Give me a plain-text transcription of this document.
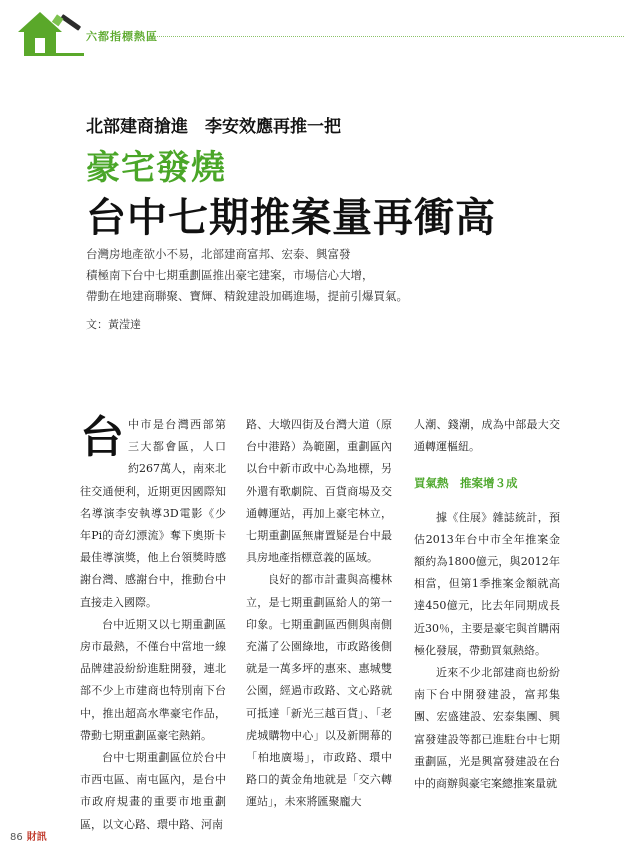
六都指標熱區
北部建商搶進　李安效應再推一把
豪宅發燒
台中七期推案量再衝高

台灣房地產欲小不易，北部建商富邦、宏泰、興富發

積極南下台中七期重劃區推出豪宅建案，市場信心大增，

帶動在地建商聯聚、寶輝、精銳建設加碼進場，提前引爆買氣。

文：黃滢達
台 中市是台灣西部第三大都會區，人口約267萬人，南來北往交通便利，近期更因國際知名導演李安執導3D電影《少年Pi的奇幻漂流》奪下奧斯卡最佳導演獎，他上台領獎時感謝台灣、感謝台中，推動台中直接走入國際。

台中近期又以七期重劃區房市最熱，不僅台中當地一線品牌建設紛紛進駐開發，連北部不少上市建商也特別南下台中，推出超高水準豪宅作品，帶動七期重劃區豪宅熱銷。

台中七期重劃區位於台中市西屯區、南屯區內，是台中市政府規畫的重要市地重劃區，以文心路、環中路、河南

路、大墩四街及台灣大道（原台中港路）為範圍，重劃區內以台中新市政中心為地標，另外還有歌劇院、百貨商場及交通轉運站，再加上豪宅林立，七期重劃區無庸置疑是台中最具房地產指標意義的區域。

良好的都市計畫與高樓林立，是七期重劃區給人的第一印象。七期重劃區西側與南側充滿了公園綠地，市政路後側就是一萬多坪的惠來、惠城雙公園，經過市政路、文心路就可抵達「新光三越百貨」、「老虎城購物中心」以及新開幕的「柏地廣場」，市政路、環中路口的黃金角地就是「交六轉運站」，未來將匯聚龐大

人潮、錢潮，成為中部最大交通轉運樞紐。

買氣熱　推案增３成

據《住展》雜誌統計，預估2013年台中市全年推案金額約為1800億元，與2012年相當，但第1季推案金額就高達450億元，比去年同期成長近30％，主要是豪宅與首購兩極化發展，帶動買氣熱絡。

近來不少北部建商也紛紛南下台中開發建設，富邦集團、宏盛建設、宏泰集團、興富發建設等都已進駐台中七期重劃區，光是興富發建設在台中的商辦與豪宅案總推案量就

86 財訊
